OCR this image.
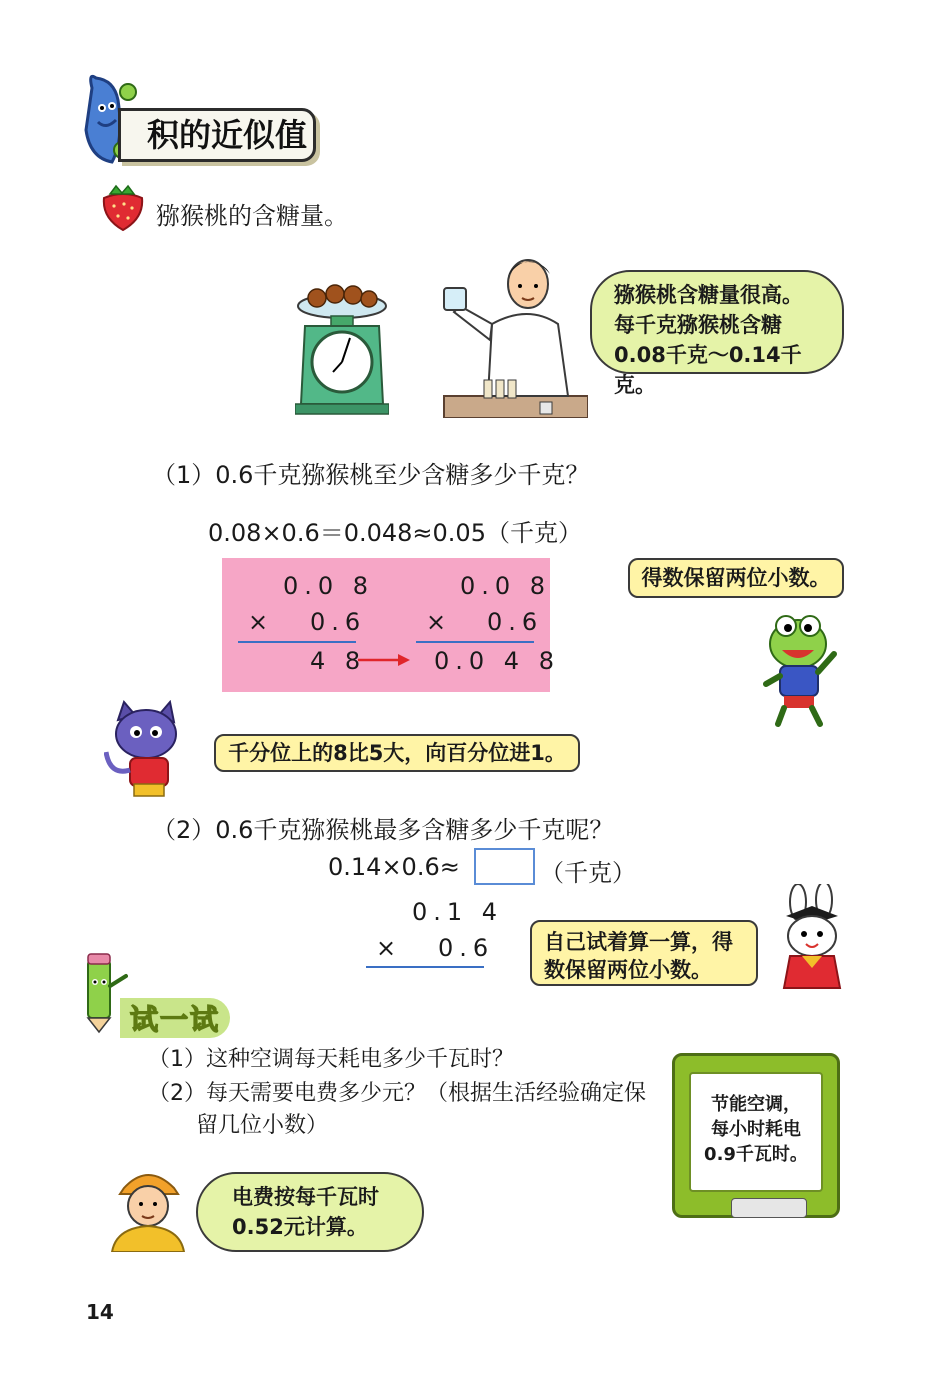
积的近似值
猕猴桃的含糖量。
猕猴桃含糖量很高。
每千克猕猴桃含糖
0.08千克～0.14千克。
（1）0.6千克猕猴桃至少含糖多少千克？
0.08×0.6＝0.048≈0.05（千克）
0.0 8
× 0.6
4 8
0.0 8
× 0.6
0.0 4 8
得数保留两位小数。
千分位上的8比5大，向百分位进1。
（2）0.6千克猕猴桃最多含糖多少千克呢？
0.14×0.6≈	（千克）
0.1 4
× 0.6 自己试着算一算，得
数保留两位小数。
试一试
（1）这种空调每天耗电多少千瓦时？
（2）每天需要电费多少元？（根据生活经验确定保
留几位小数）
电费按每千瓦时
0.52元计算。
节能空调，
每小时耗电
0.9千瓦时。
14
